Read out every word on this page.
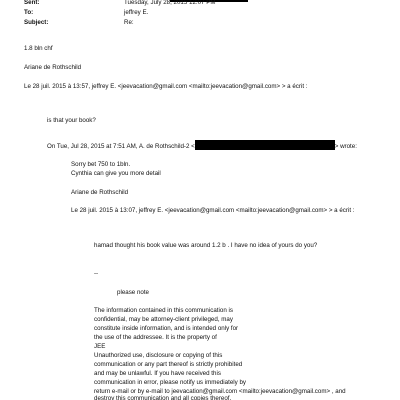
Sent:	Tuesday, July 28, 2015 12:07 PM
To:	jeffrey E.
Subject:	Re:
1.8 bln chf
Ariane de Rothschild
Le 28 juil. 2015 à 13:57, jeffrey E. <jeevacation@gmail.com <mailto:jeevacation@gmail.com> > a écrit :
is that your book?
On Tue, Jul 28, 2015 at 7:51 AM, A. de Rothschild-2 <	> wrote:
Sorry bet 750 to 1bln.
Cynthia can give you more detail
Ariane de Rothschild
Le 28 juil. 2015 à 13:07, jeffrey E. <jeevacation@gmail.com <mailto:jeevacation@gmail.com> > a écrit :
hamad thought his book value was around 1.2 b . I have no idea of yours do you?
--
please note
The information contained in this communication is
confidential, may be attorney-client privileged, may
constitute inside information, and is intended only for
the use of the addressee. It is the property of
JEE
Unauthorized use, disclosure or copying of this
communication or any part thereof is strictly prohibited
and may be unlawful. If you have received this
communication in error, please notify us immediately by
return e-mail or by e-mail to jeevacation@gmail.com <mailto:jeevacation@gmail.com> , and
destroy this communication and all copies thereof,
